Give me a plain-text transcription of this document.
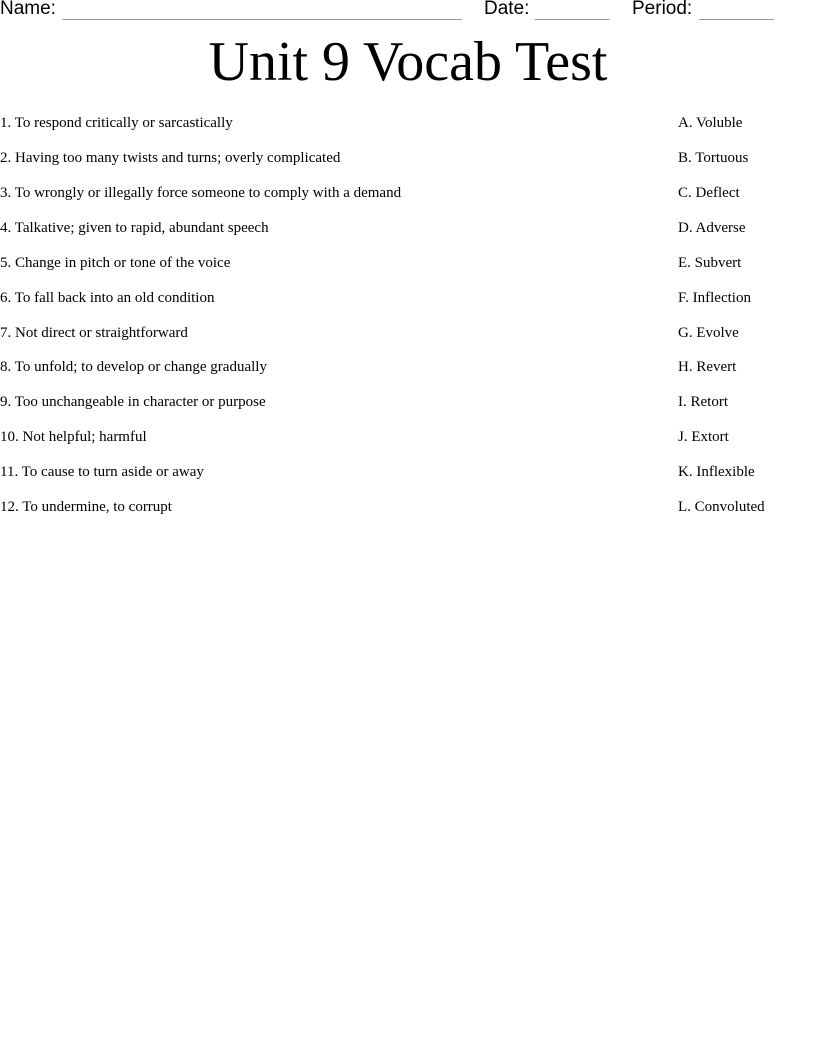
Name:	Date:	Period:
Unit 9 Vocab Test
1. To respond critically or sarcastically	A. Voluble
2. Having too many twists and turns; overly complicated	B. Tortuous
3. To wrongly or illegally force someone to comply with a demand	C. Deflect
4. Talkative; given to rapid, abundant speech	D. Adverse
5. Change in pitch or tone of the voice	E. Subvert
6. To fall back into an old condition	F. Inflection
7. Not direct or straightforward	G. Evolve
8. To unfold; to develop or change gradually	H. Revert
9. Too unchangeable in character or purpose	I. Retort
10. Not helpful; harmful	J. Extort
11. To cause to turn aside or away	K. Inflexible
12. To undermine, to corrupt	L. Convoluted
